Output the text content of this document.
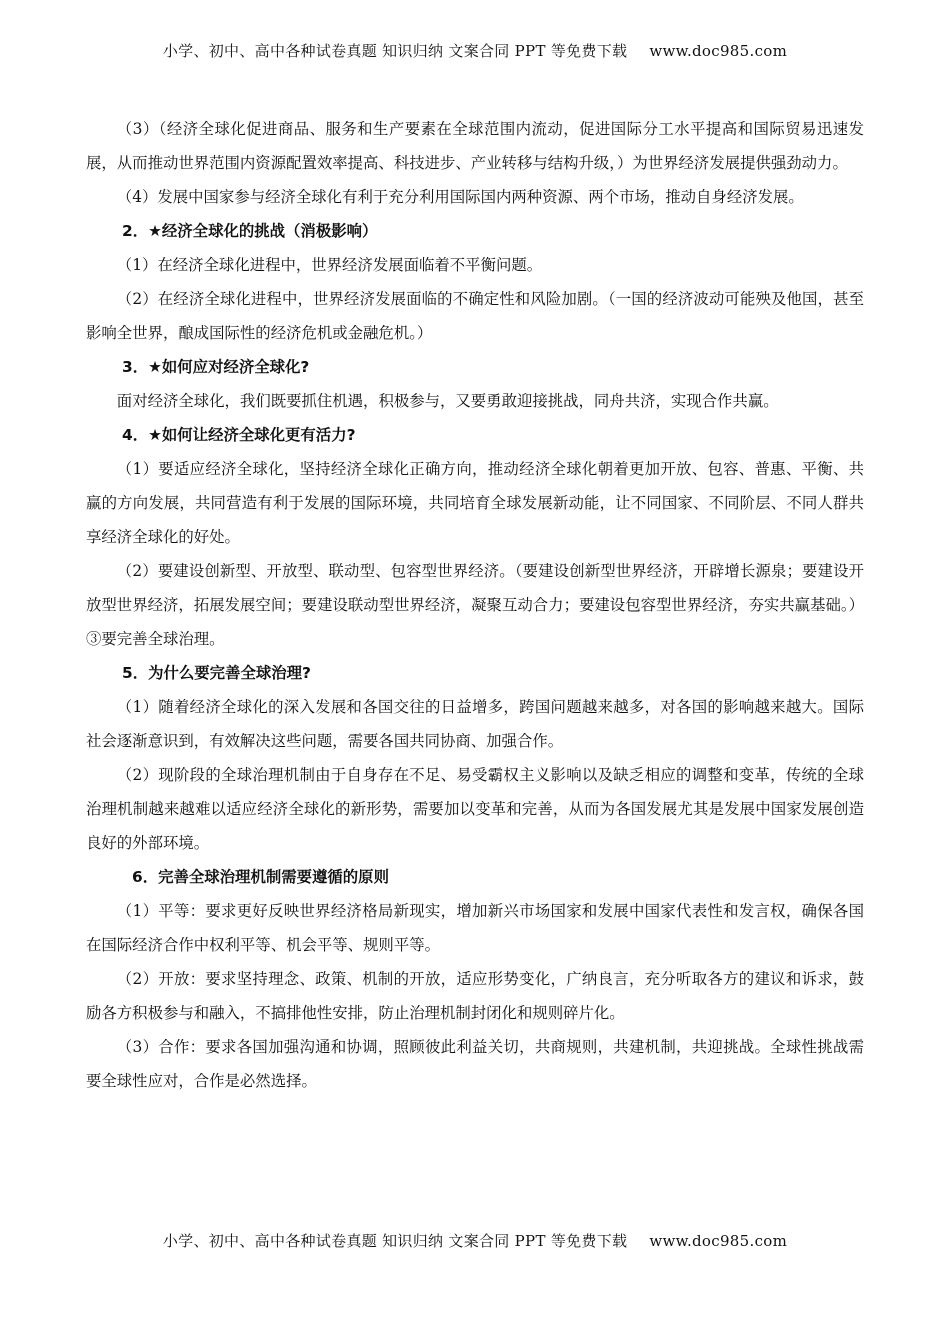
小学、初中、高中各种试卷真题 知识归纳 文案合同 PPT 等免费下载 www.doc985.com

（3）（经济全球化促进商品、服务和生产要素在全球范围内流动，促进国际分工水平提高和国际贸易迅速发展，从而推动世界范围内资源配置效率提高、科技进步、产业转移与结构升级，）为世界经济发展提供强劲动力。

（4）发展中国家参与经济全球化有利于充分利用国际国内两种资源、两个市场，推动自身经济发展。

2．★经济全球化的挑战（消极影响）

（1）在经济全球化进程中，世界经济发展面临着不平衡问题。

（2）在经济全球化进程中，世界经济发展面临的不确定性和风险加剧。（一国的经济波动可能殃及他国，甚至影响全世界，酿成国际性的经济危机或金融危机。）

3．★如何应对经济全球化?

面对经济全球化，我们既要抓住机遇，积极参与，又要勇敢迎接挑战，同舟共济，实现合作共赢。

4．★如何让经济全球化更有活力?

（1）要适应经济全球化，坚持经济全球化正确方向，推动经济全球化朝着更加开放、包容、普惠、平衡、共赢的方向发展，共同营造有利于发展的国际环境，共同培育全球发展新动能，让不同国家、不同阶层、不同人群共享经济全球化的好处。

（2）要建设创新型、开放型、联动型、包容型世界经济。（要建设创新型世界经济，开辟增长源泉；要建设开放型世界经济，拓展发展空间；要建设联动型世界经济，凝聚互动合力；要建设包容型世界经济，夯实共赢基础。）③要完善全球治理。

5．为什么要完善全球治理?

（1）随着经济全球化的深入发展和各国交往的日益增多，跨国问题越来越多，对各国的影响越来越大。国际社会逐渐意识到，有效解决这些问题，需要各国共同协商、加强合作。

（2）现阶段的全球治理机制由于自身存在不足、易受霸权主义影响以及缺乏相应的调整和变革，传统的全球治理机制越来越难以适应经济全球化的新形势，需要加以变革和完善，从而为各国发展尤其是发展中国家发展创造良好的外部环境。

6．完善全球治理机制需要遵循的原则

（1）平等：要求更好反映世界经济格局新现实，增加新兴市场国家和发展中国家代表性和发言权，确保各国在国际经济合作中权利平等、机会平等、规则平等。

（2）开放：要求坚持理念、政策、机制的开放，适应形势变化，广纳良言，充分听取各方的建议和诉求，鼓励各方积极参与和融入，不搞排他性安排，防止治理机制封闭化和规则碎片化。

（3）合作：要求各国加强沟通和协调，照顾彼此利益关切，共商规则，共建机制，共迎挑战。全球性挑战需要全球性应对，合作是必然选择。

小学、初中、高中各种试卷真题 知识归纳 文案合同 PPT 等免费下载 www.doc985.com
